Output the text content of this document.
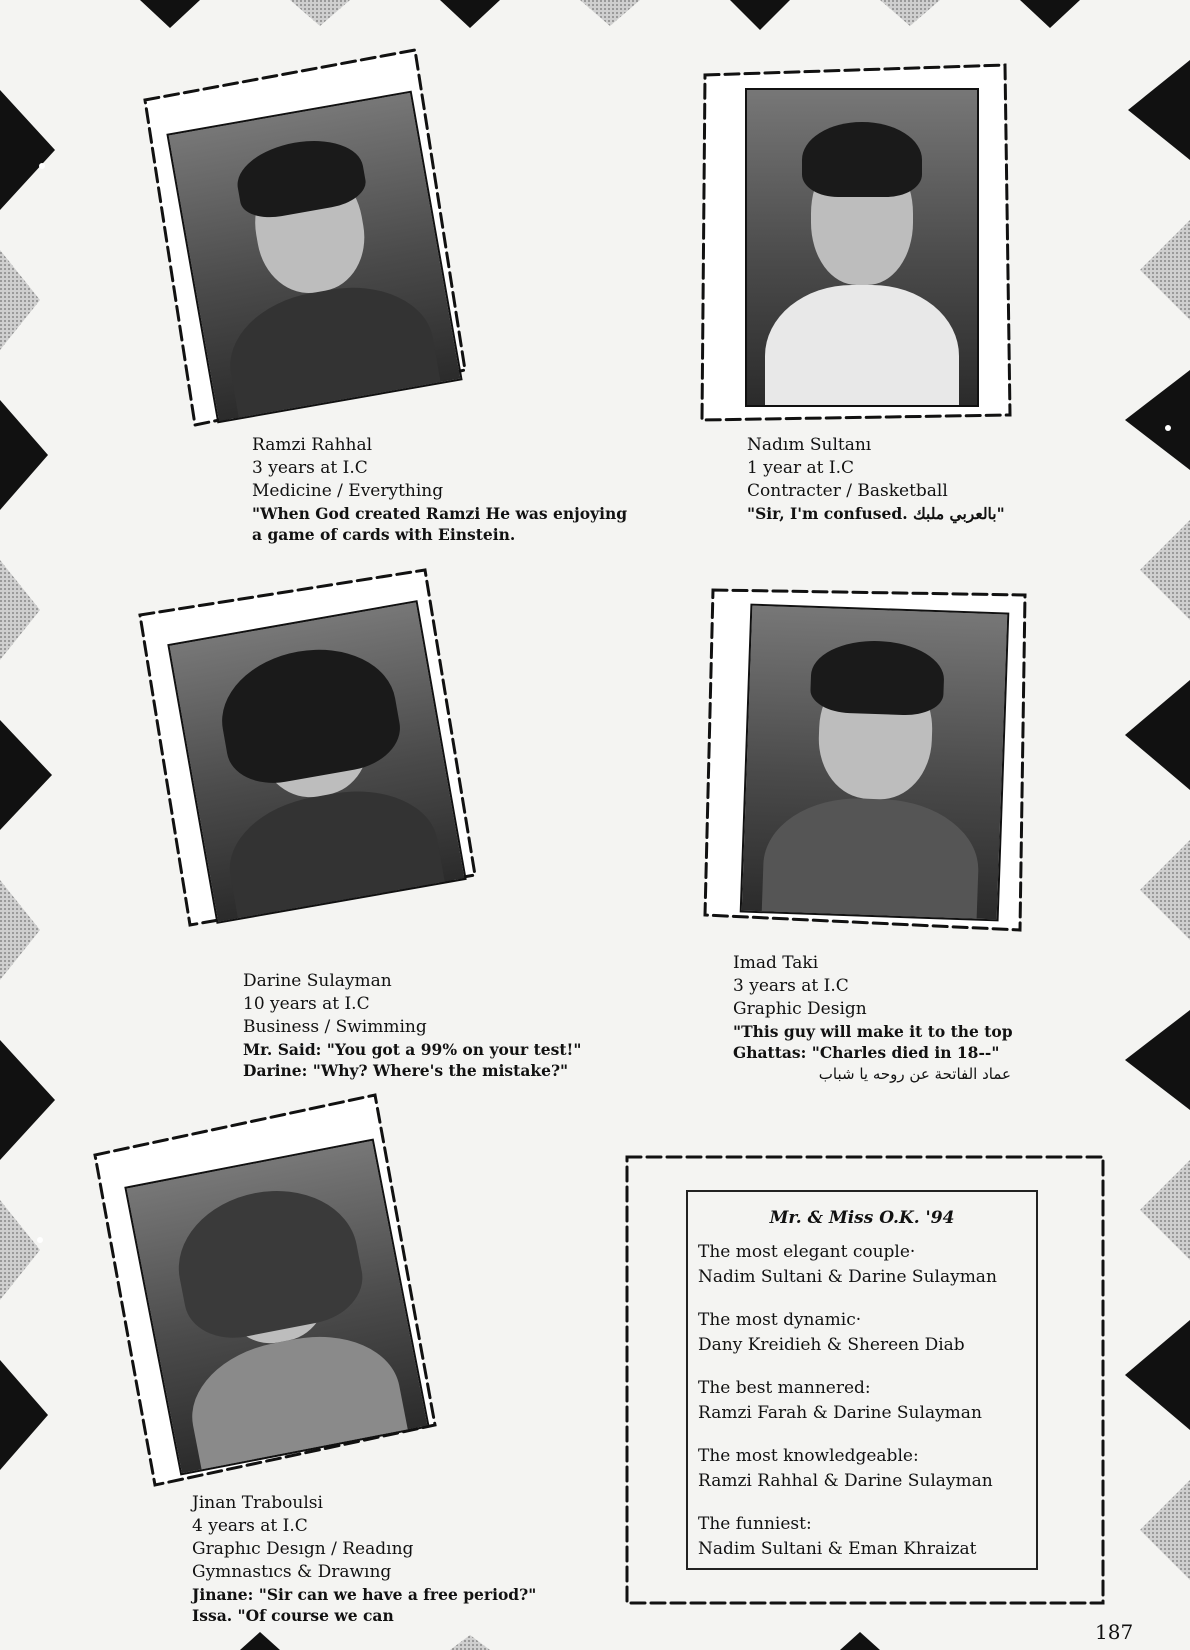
Ramzi Rahhal
3 years at I.C
Medicine / Everything
"When God created Ramzi He was enjoying
a game of cards with Einstein.
Nadım Sultanı
1 year at I.C
Contracter / Basketball
"Sir, I'm confused. بالعربي ملبك"
Darine Sulayman
10 years at I.C
Business / Swimming
Mr. Said: "You got a 99% on your test!"
Darine: "Why? Where's the mistake?"
Imad Taki
3 years at I.C
Graphic Design
"This guy will make it to the top
Ghattas: "Charles died in 18--"
عماد الفاتحة عن روحه يا شباب
Jinan Traboulsi
4 years at I.C
Graphıc Desıgn / Readıng
Gymnastıcs & Drawıng
Jinane: "Sir can we have a free period?"
Issa. "Of course we can
Mr. & Miss O.K. '94
The most elegant couple·
Nadim Sultani & Darine Sulayman
The most dynamic·
Dany Kreidieh & Shereen Diab
The best mannered:
Ramzi Farah & Darine Sulayman
The most knowledgeable:
Ramzi Rahhal & Darine Sulayman
The funniest:
Nadim Sultani & Eman Khraizat
187
